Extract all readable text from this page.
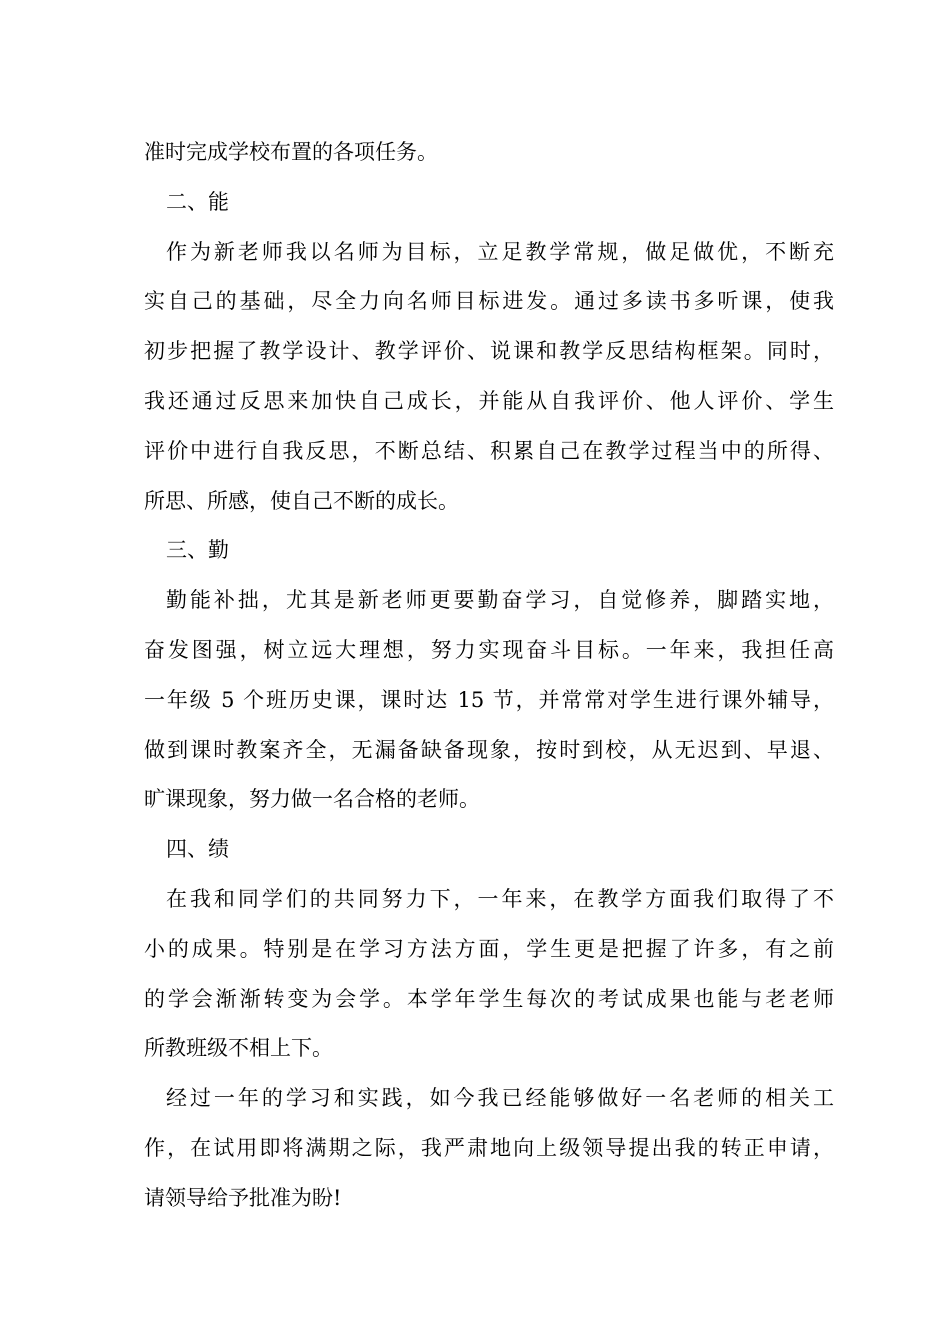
准时完成学校布置的各项任务。
二、能
作为新老师我以名师为目标，立足教学常规，做足做优，不断充
实自己的基础，尽全力向名师目标进发。通过多读书多听课，使我
初步把握了教学设计、教学评价、说课和教学反思结构框架。同时，
我还通过反思来加快自己成长，并能从自我评价、他人评价、学生
评价中进行自我反思，不断总结、积累自己在教学过程当中的所得、
所思、所感，使自己不断的成长。
三、勤
勤能补拙，尤其是新老师更要勤奋学习，自觉修养，脚踏实地，
奋发图强，树立远大理想，努力实现奋斗目标。一年来，我担任高
一年级 5 个班历史课，课时达 15 节，并常常对学生进行课外辅导，
做到课时教案齐全，无漏备缺备现象，按时到校，从无迟到、早退、
旷课现象，努力做一名合格的老师。
四、绩
在我和同学们的共同努力下，一年来，在教学方面我们取得了不
小的成果。特别是在学习方法方面，学生更是把握了许多，有之前
的学会渐渐转变为会学。本学年学生每次的考试成果也能与老老师
所教班级不相上下。
经过一年的学习和实践，如今我已经能够做好一名老师的相关工
作，在试用即将满期之际，我严肃地向上级领导提出我的转正申请，
请领导给予批准为盼!
